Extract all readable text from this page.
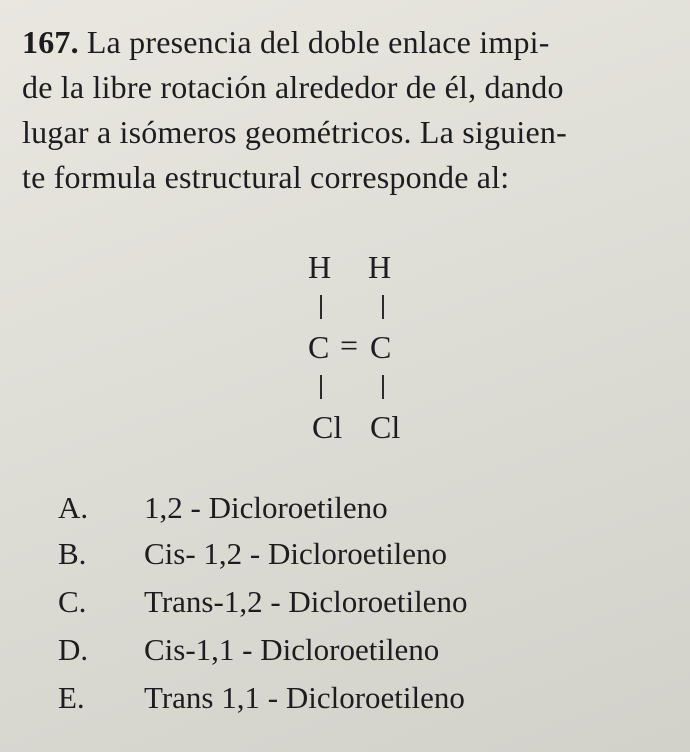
167. La presencia del doble enlace impi-
de la libre rotación alrededor de él, dando
lugar a isómeros geométricos. La siguien-
te formula estructural corresponde al:
H H
C = C
Cl Cl
A.	1,2 - Dicloroetileno
B.	Cis- 1,2 - Dicloroetileno
C.	Trans-1,2 - Dicloroetileno
D.	Cis-1,1 - Dicloroetileno
E.	Trans 1,1 - Dicloroetileno
